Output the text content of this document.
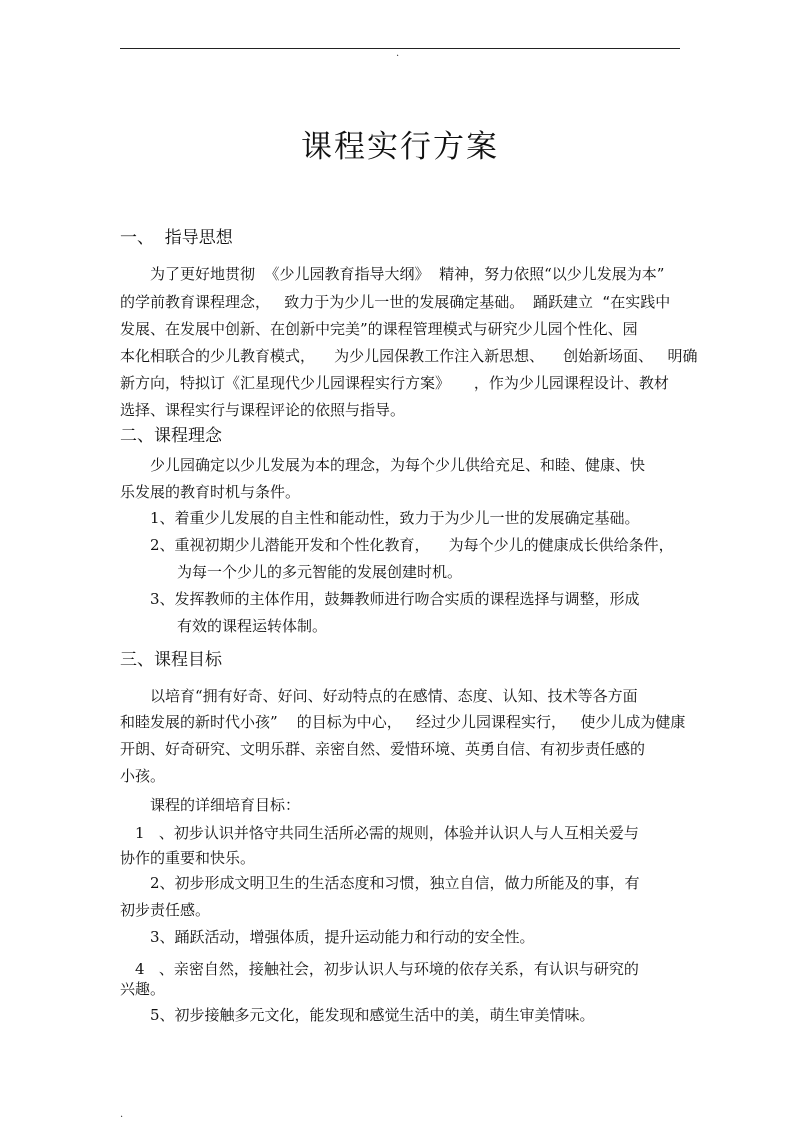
.
课程实行方案
一、  指导思想
为了更好地贯彻  《少儿园教育指导大纲》  精神，努力依照“以少儿发展为本”
的学前教育课程理念，   致力于为少儿一世的发展确定基础。 踊跃建立  “在实践中
发展、在发展中创新、在创新中完美”的课程管理模式与研究少儿园个性化、园
本化相联合的少儿教育模式，    为少儿园保教工作注入新思想、    创始新场面、   明确
新方向，特拟订《汇星现代少儿园课程实行方案》     ，作为少儿园课程设计、教材
选择、课程实行与课程评论的依照与指导。
二、课程理念
少儿园确定以少儿发展为本的理念，为每个少儿供给充足、和睦、健康、快
乐发展的教育时机与条件。
1、着重少儿发展的自主性和能动性，致力于为少儿一世的发展确定基础。
2、重视初期少儿潜能开发和个性化教育，    为每个少儿的健康成长供给条件，
为每一个少儿的多元智能的发展创建时机。
3、发挥教师的主体作用，鼓舞教师进行吻合实质的课程选择与调整，形成
有效的课程运转体制。
三、课程目标
以培育“拥有好奇、好问、好动特点的在感情、态度、认知、技术等各方面
和睦发展的新时代小孩”    的目标为中心，   经过少儿园课程实行，   使少儿成为健康
开朗、好奇研究、文明乐群、亲密自然、爱惜环境、英勇自信、有初步责任感的
小孩。
课程的详细培育目标：
1   、初步认识并恪守共同生活所必需的规则，体验并认识人与人互相关爱与
协作的重要和快乐。
2、初步形成文明卫生的生活态度和习惯，独立自信，做力所能及的事，有
初步责任感。
3、踊跃活动，增强体质，提升运动能力和行动的安全性。
4   、亲密自然，接触社会，初步认识人与环境的依存关系，有认识与研究的
兴趣。
5、初步接触多元文化，能发现和感觉生活中的美，萌生审美情味。
.
